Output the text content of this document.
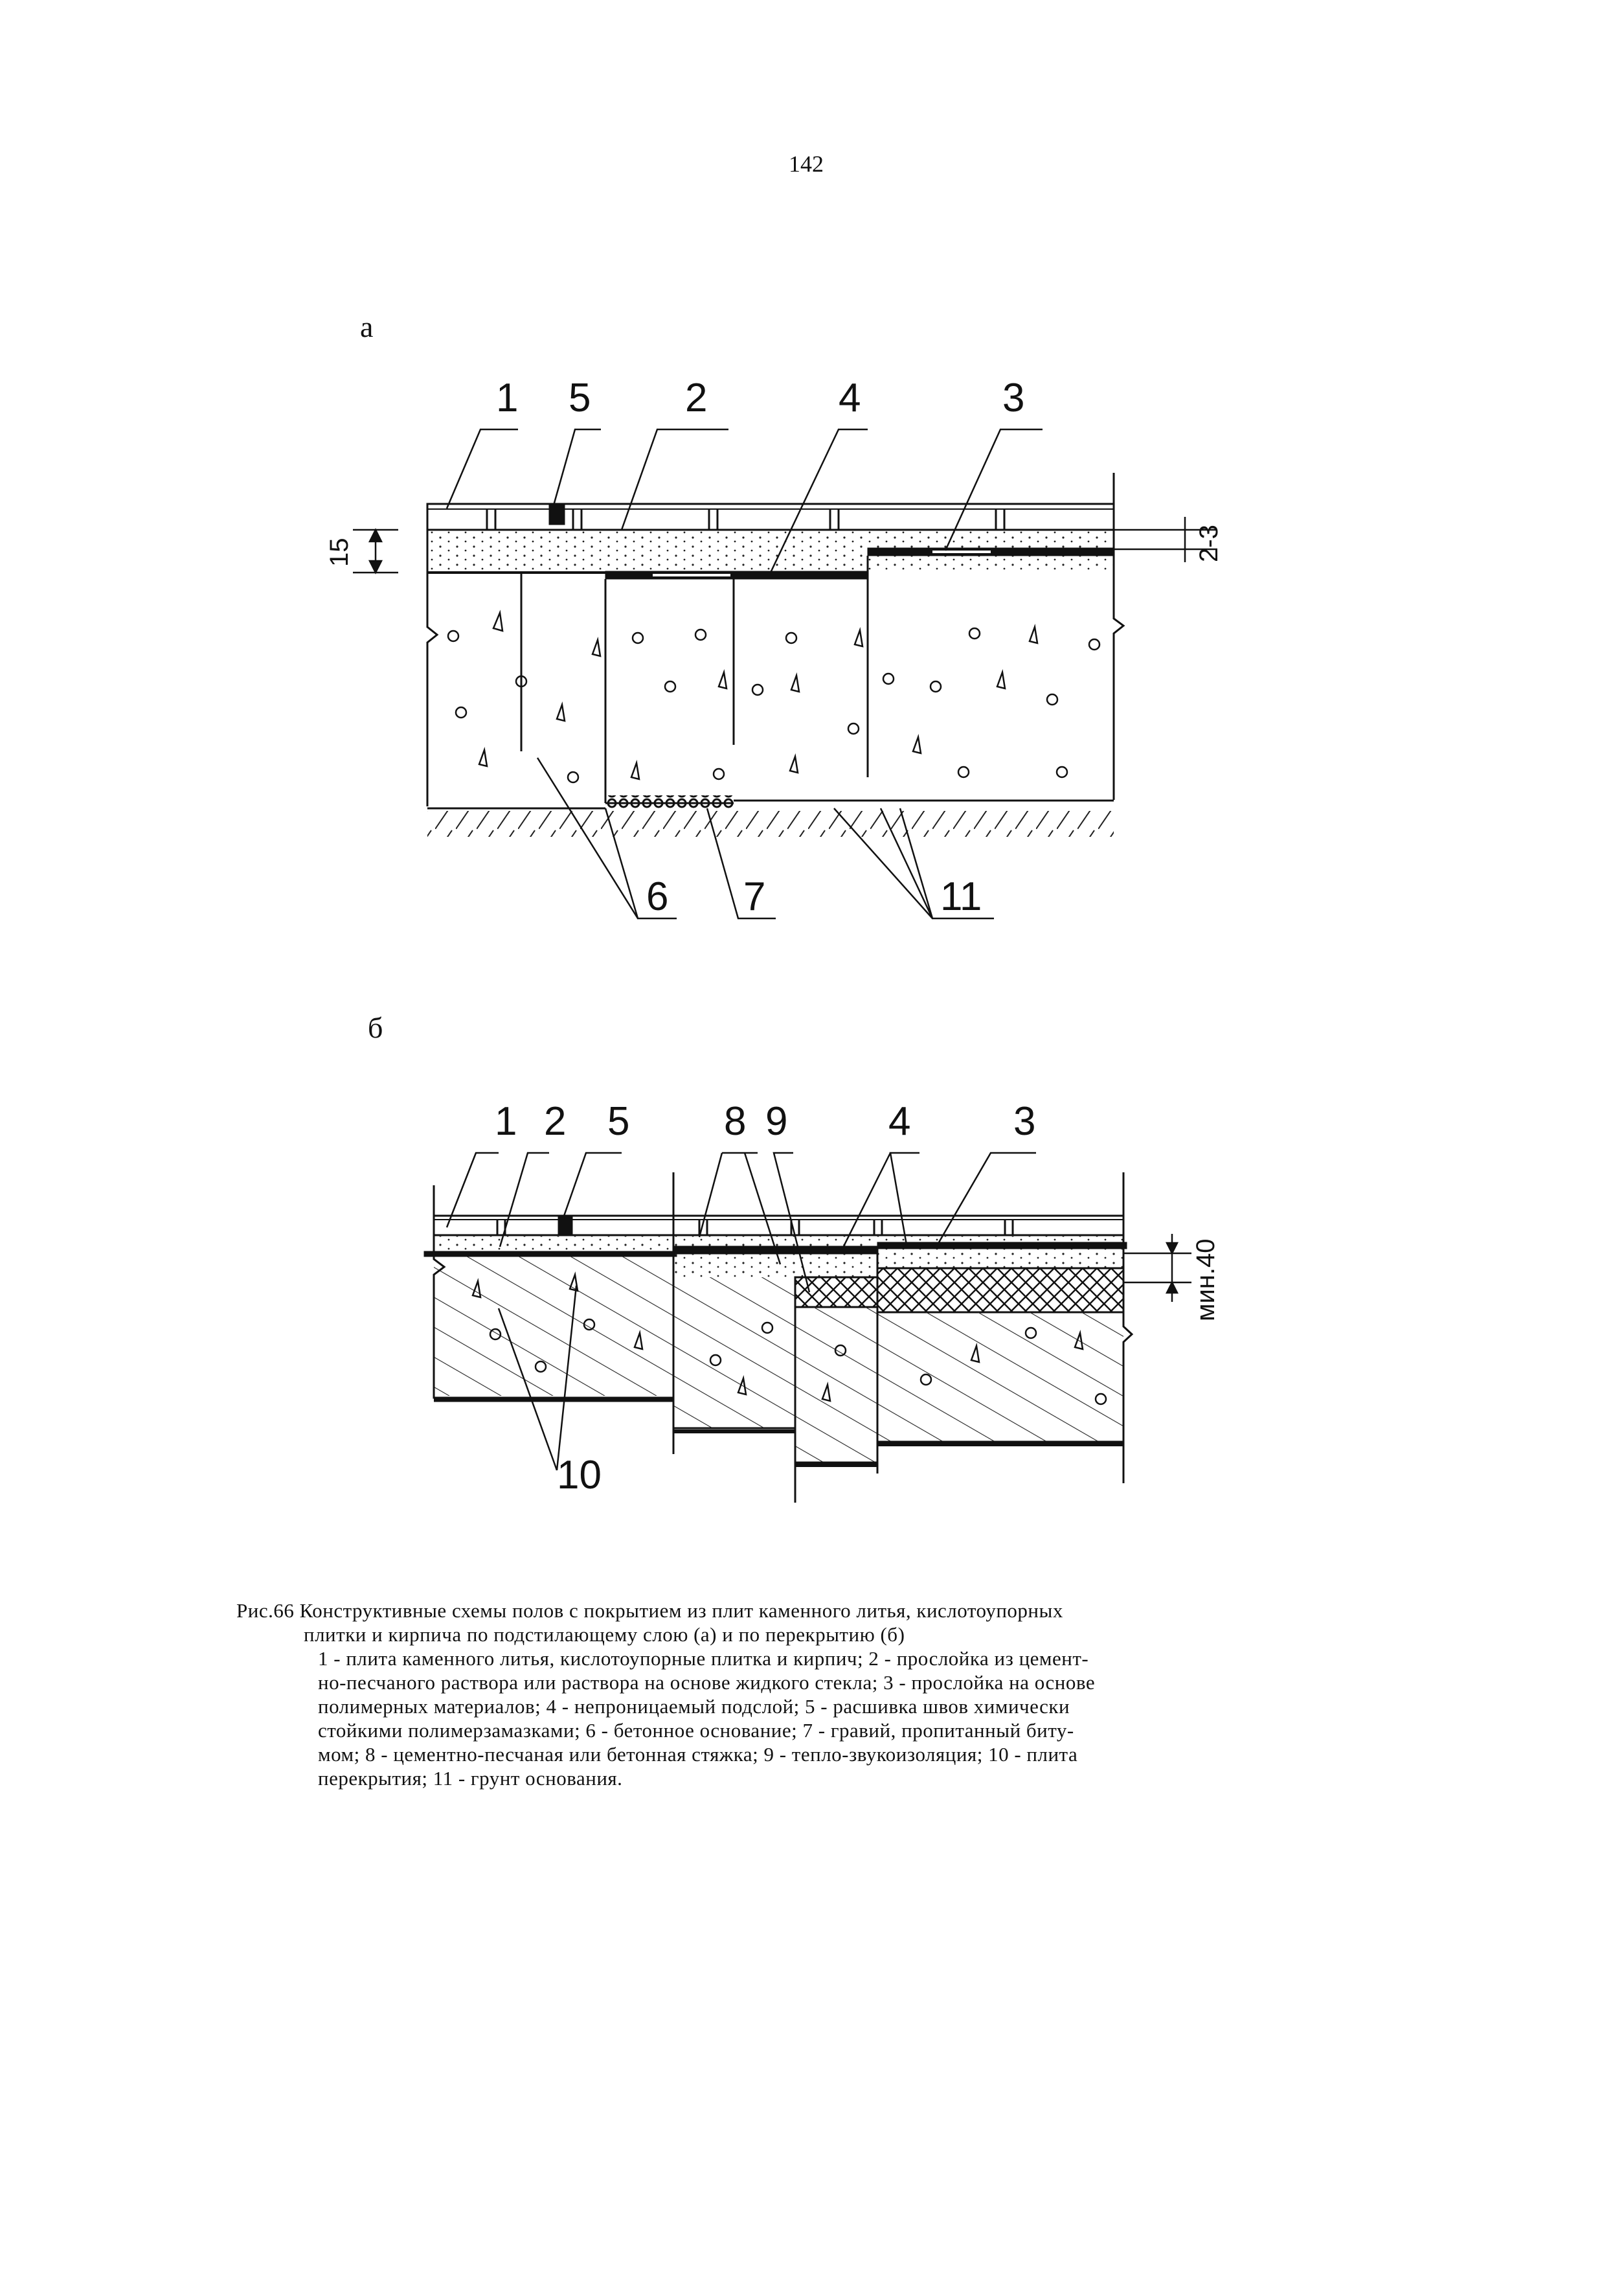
142
а
б
1 5 2	4	3
6 7	11
15	2-3
1 2 5 8 9	4	3
10
мин.40

Рис.66 Конструктивные схемы полов с покрытием из плит каменного литья, кислотоупорных

плитки и кирпича по подстилающему слою (а) и по перекрытию (б)

1 - плита каменного литья, кислотоупорные плитка и кирпич; 2 - прослойка из цемент-

но-песчаного раствора или раствора на основе жидкого стекла; 3 - прослойка на основе

полимерных материалов; 4 - непроницаемый подслой; 5 - расшивка швов химически

стойкими полимерзамазками; 6 - бетонное основание; 7 - гравий, пропитанный биту-

мом; 8 - цементно-песчаная или бетонная стяжка; 9 - тепло-звукоизоляция; 10 - плита

перекрытия; 11 - грунт основания.
